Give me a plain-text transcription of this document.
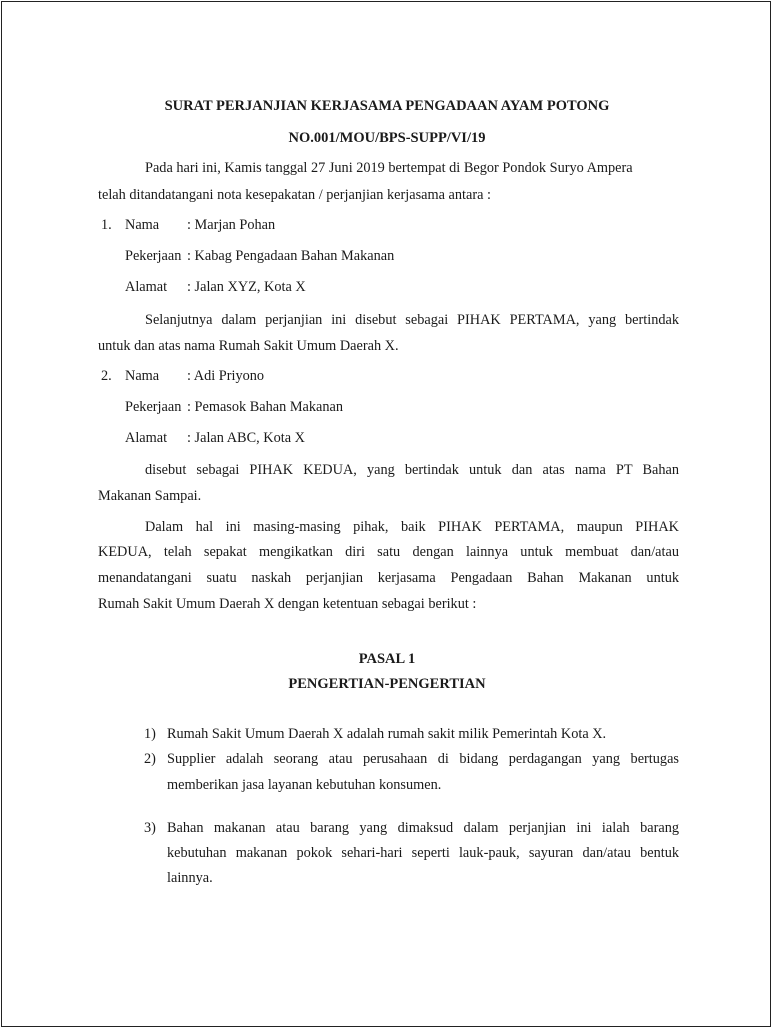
SURAT PERJANJIAN KERJASAMA PENGADAAN AYAM POTONG
NO.001/MOU/BPS-SUPP/VI/19
Pada hari ini, Kamis tanggal 27 Juni 2019 bertempat di Begor Pondok Suryo Ampera
telah ditandatangani nota kesepakatan / perjanjian kerjasama antara :
1. Nama : Marjan Pohan
Pekerjaan : Kabag Pengadaan Bahan Makanan
Alamat : Jalan XYZ, Kota X
Selanjutnya dalam perjanjian ini disebut sebagai PIHAK PERTAMA, yang bertindak
untuk dan atas nama Rumah Sakit Umum Daerah X.
2. Nama : Adi Priyono
Pekerjaan : Pemasok Bahan Makanan
Alamat : Jalan ABC, Kota X
disebut sebagai PIHAK KEDUA, yang bertindak untuk dan atas nama PT Bahan
Makanan Sampai.
Dalam hal ini masing-masing pihak, baik PIHAK PERTAMA, maupun PIHAK
KEDUA, telah sepakat mengikatkan diri satu dengan lainnya untuk membuat dan/atau
menandatangani suatu naskah perjanjian kerjasama Pengadaan Bahan Makanan untuk
Rumah Sakit Umum Daerah X dengan ketentuan sebagai berikut :
PASAL 1
PENGERTIAN-PENGERTIAN
1) Rumah Sakit Umum Daerah X adalah rumah sakit milik Pemerintah Kota X.
2) Supplier adalah seorang atau perusahaan di bidang perdagangan yang bertugas
memberikan jasa layanan kebutuhan konsumen.
3) Bahan makanan atau barang yang dimaksud dalam perjanjian ini ialah barang
kebutuhan makanan pokok sehari-hari seperti lauk-pauk, sayuran dan/atau bentuk
lainnya.
